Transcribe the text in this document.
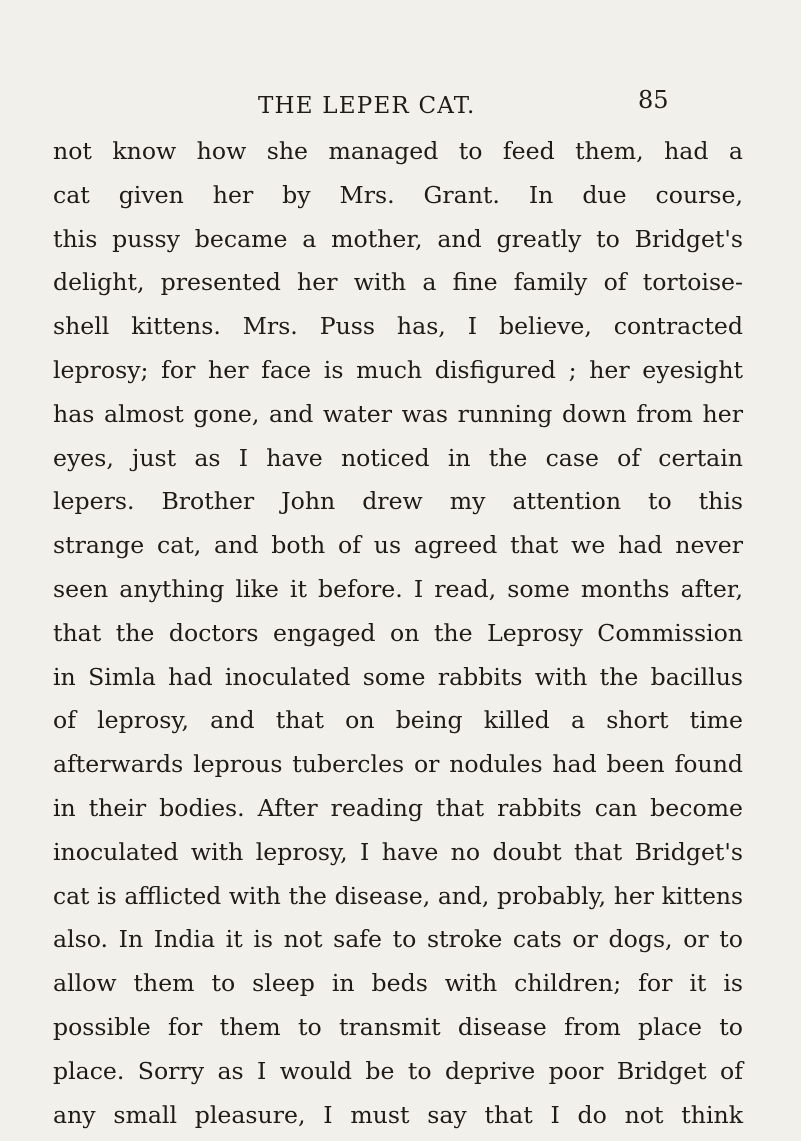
THE LEPER CAT.	85
not know how she managed to feed them, had a
cat given her by Mrs. Grant. In due course,
this pussy became a mother, and greatly to Bridget's
delight, presented her with a fine family of tortoise-
shell kittens. Mrs. Puss has, I believe, contracted
leprosy; for her face is much disfigured ; her eyesight
has almost gone, and water was running down from her
eyes, just as I have noticed in the case of certain
lepers. Brother John drew my attention to this
strange cat, and both of us agreed that we had never
seen anything like it before. I read, some months after,
that the doctors engaged on the Leprosy Commission
in Simla had inoculated some rabbits with the bacillus
of leprosy, and that on being killed a short time
afterwards leprous tubercles or nodules had been found
in their bodies. After reading that rabbits can become
inoculated with leprosy, I have no doubt that Bridget's
cat is afflicted with the disease, and, probably, her kittens
also. In India it is not safe to stroke cats or dogs, or to
allow them to sleep in beds with children; for it is
possible for them to transmit disease from place to
place. Sorry as I would be to deprive poor Bridget of
any small pleasure, I must say that I do not think
